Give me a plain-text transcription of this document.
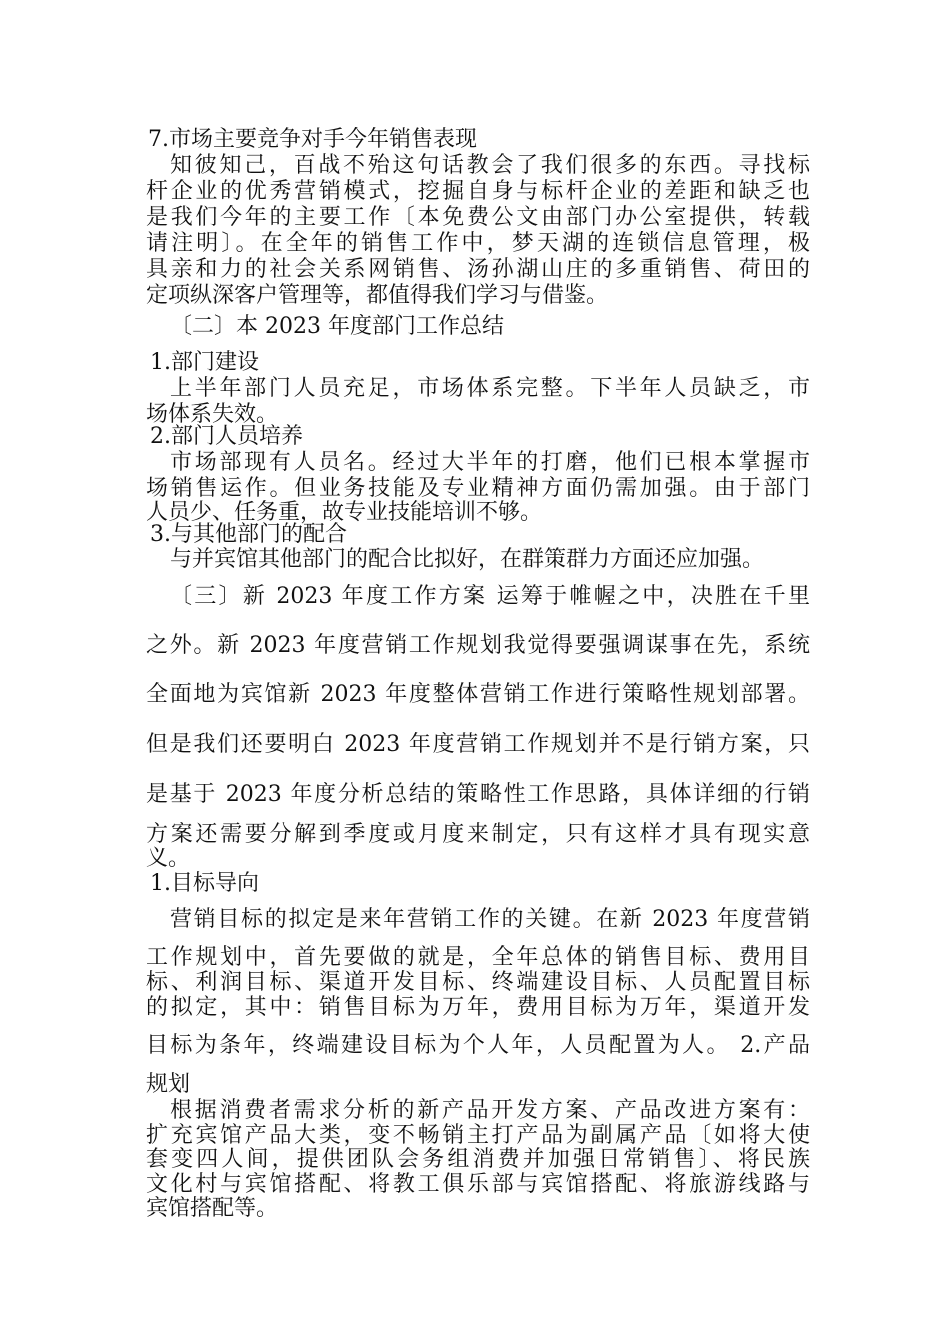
7.市场主要竞争对手今年销售表现

知彼知己，百战不殆这句话教会了我们很多的东西。寻找标

杆企业的优秀营销模式，挖掘自身与标杆企业的差距和缺乏也

是我们今年的主要工作〔本免费公文由部门办公室提供，转载

请注明〕。在全年的销售工作中，梦天湖的连锁信息管理，极

具亲和力的社会关系网销售、汤孙湖山庄的多重销售、荷田的

定项纵深客户管理等，都值得我们学习与借鉴。

〔二〕本 2023 年度部门工作总结

1.部门建设

上半年部门人员充足，市场体系完整。下半年人员缺乏，市

场体系失效。

2.部门人员培养

市场部现有人员名。经过大半年的打磨，他们已根本掌握市

场销售运作。但业务技能及专业精神方面仍需加强。由于部门

人员少、任务重，故专业技能培训不够。

3.与其他部门的配合

与并宾馆其他部门的配合比拟好，在群策群力方面还应加强。

〔三〕新 2023 年度工作方案 运筹于帷幄之中，决胜在千里

之外。新 2023 年度营销工作规划我觉得要强调谋事在先，系统

全面地为宾馆新 2023 年度整体营销工作进行策略性规划部署。

但是我们还要明白 2023 年度营销工作规划并不是行销方案，只

是基于 2023 年度分析总结的策略性工作思路，具体详细的行销

方案还需要分解到季度或月度来制定，只有这样才具有现实意

义。

1.目标导向

营销目标的拟定是来年营销工作的关键。在新 2023 年度营销

工作规划中，首先要做的就是，全年总体的销售目标、费用目

标、利润目标、渠道开发目标、终端建设目标、人员配置目标

的拟定，其中：销售目标为万年，费用目标为万年，渠道开发

目标为条年，终端建设目标为个人年，人员配置为人。 2.产品

规划

根据消费者需求分析的新产品开发方案、产品改进方案有：

扩充宾馆产品大类，变不畅销主打产品为副属产品〔如将大使

套变四人间，提供团队会务组消费并加强日常销售〕、将民族

文化村与宾馆搭配、将教工俱乐部与宾馆搭配、将旅游线路与

宾馆搭配等。
